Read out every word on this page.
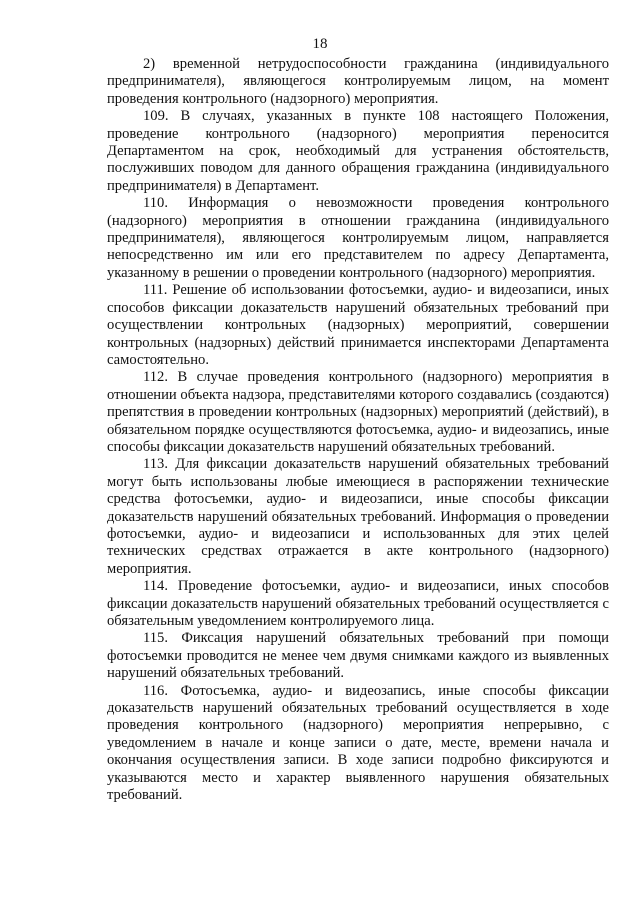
18

2) временной нетрудоспособности гражданина (индивидуального предпринимателя), являющегося контролируемым лицом, на момент проведения контрольного (надзорного) мероприятия.

109. В случаях, указанных в пункте 108 настоящего Положения, проведение контрольного (надзорного) мероприятия переносится Департаментом на срок, необходимый для устранения обстоятельств, послуживших поводом для данного обращения гражданина (индивидуального предпринимателя) в Департамент.

110. Информация о невозможности проведения контрольного (надзорного) мероприятия в отношении гражданина (индивидуального предпринимателя), являющегося контролируемым лицом, направляется непосредственно им или его представителем по адресу Департамента, указанному в решении о проведении контрольного (надзорного) мероприятия.

111. Решение об использовании фотосъемки, аудио- и видеозаписи, иных способов фиксации доказательств нарушений обязательных требований при осуществлении контрольных (надзорных) мероприятий, совершении контрольных (надзорных) действий принимается инспекторами Департамента самостоятельно.

112. В случае проведения контрольного (надзорного) мероприятия в отношении объекта надзора, представителями которого создавались (создаются) препятствия в проведении контрольных (надзорных) мероприятий (действий), в обязательном порядке осуществляются фотосъемка, аудио- и видеозапись, иные способы фиксации доказательств нарушений обязательных требований.

113. Для фиксации доказательств нарушений обязательных требований могут быть использованы любые имеющиеся в распоряжении технические средства фотосъемки, аудио- и видеозаписи, иные способы фиксации доказательств нарушений обязательных требований. Информация о проведении фотосъемки, аудио- и видеозаписи и использованных для этих целей технических средствах отражается в акте контрольного (надзорного) мероприятия.

114. Проведение фотосъемки, аудио- и видеозаписи, иных способов фиксации доказательств нарушений обязательных требований осуществляется с обязательным уведомлением контролируемого лица.

115. Фиксация нарушений обязательных требований при помощи фотосъемки проводится не менее чем двумя снимками каждого из выявленных нарушений обязательных требований.

116. Фотосъемка, аудио- и видеозапись, иные способы фиксации доказательств нарушений обязательных требований осуществляется в ходе проведения контрольного (надзорного) мероприятия непрерывно, с уведомлением в начале и конце записи о дате, месте, времени начала и окончания осуществления записи. В ходе записи подробно фиксируются и указываются место и характер выявленного нарушения обязательных требований.
